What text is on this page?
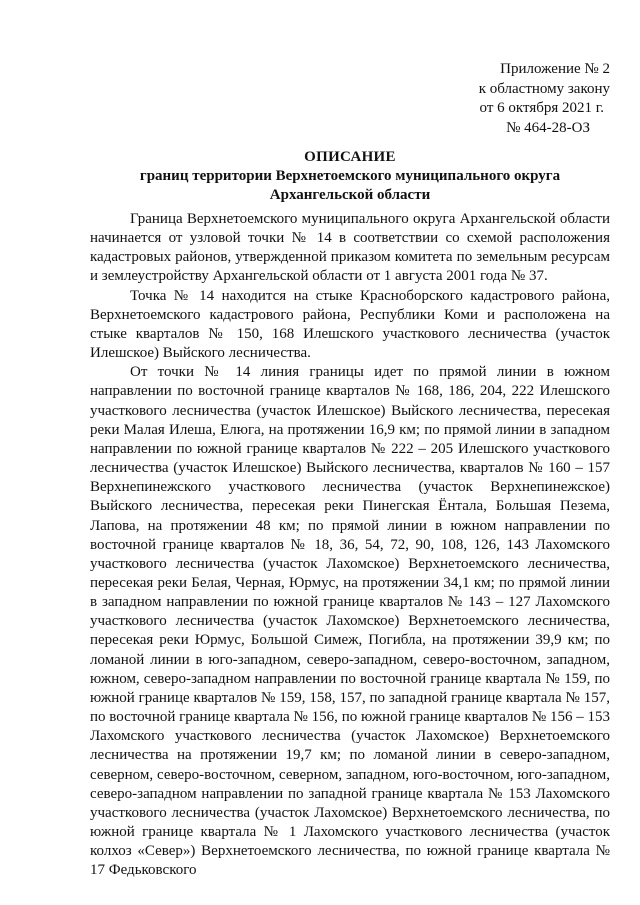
Приложение № 2
к областному закону
от 6 октября 2021 г.
№ 464-28-ОЗ
ОПИСАНИЕ
границ территории Верхнетоемского муниципального округа
Архангельской области

Граница Верхнетоемского муниципального округа Архангельской области начинается от узловой точки № 14 в соответствии со схемой расположения кадастровых районов, утвержденной приказом комитета по земельным ресурсам и землеустройству Архангельской области от 1 августа 2001 года № 37.

Точка № 14 находится на стыке Красноборского кадастрового района, Верхнетоемского кадастрового района, Республики Коми и расположена на стыке кварталов № 150, 168 Илешского участкового лесничества (участок Илешское) Выйского лесничества.

От точки № 14 линия границы идет по прямой линии в южном направлении по восточной границе кварталов № 168, 186, 204, 222 Илешского участкового лесничества (участок Илешское) Выйского лесничества, пересекая реки Малая Илеша, Елюга, на протяжении 16,9 км; по прямой линии в западном направлении по южной границе кварталов № 222 – 205 Илешского участкового лесничества (участок Илешское) Выйского лесничества, кварталов № 160 – 157 Верхнепинежского участкового лесничества (участок Верхнепинежское) Выйского лесничества, пересекая реки Пинегская Ёнтала, Большая Пезема, Лапова, на протяжении 48 км; по прямой линии в южном направлении по восточной границе кварталов № 18, 36, 54, 72, 90, 108, 126, 143 Лахомского участкового лесничества (участок Лахомское) Верхнетоемского лесничества, пересекая реки Белая, Черная, Юрмус, на протяжении 34,1 км; по прямой линии в западном направлении по южной границе кварталов № 143 – 127 Лахомского участкового лесничества (участок Лахомское) Верхнетоемского лесничества, пересекая реки Юрмус, Большой Симеж, Погибла, на протяжении 39,9 км; по ломаной линии в юго-западном, северо-западном, северо-восточном, западном, южном, северо-западном направлении по восточной границе квартала № 159, по южной границе кварталов № 159, 158, 157, по западной границе квартала № 157, по восточной границе квартала № 156, по южной границе кварталов № 156 – 153 Лахомского участкового лесничества (участок Лахомское) Верхнетоемского лесничества на протяжении 19,7 км; по ломаной линии в северо-западном, северном, северо-восточном, северном, западном, юго-восточном, юго-западном, северо-западном направлении по западной границе квартала № 153 Лахомского участкового лесничества (участок Лахомское) Верхнетоемского лесничества, по южной границе квартала № 1 Лахомского участкового лесничества (участок колхоз «Север») Верхнетоемского лесничества, по южной границе квартала № 17 Федьковского
